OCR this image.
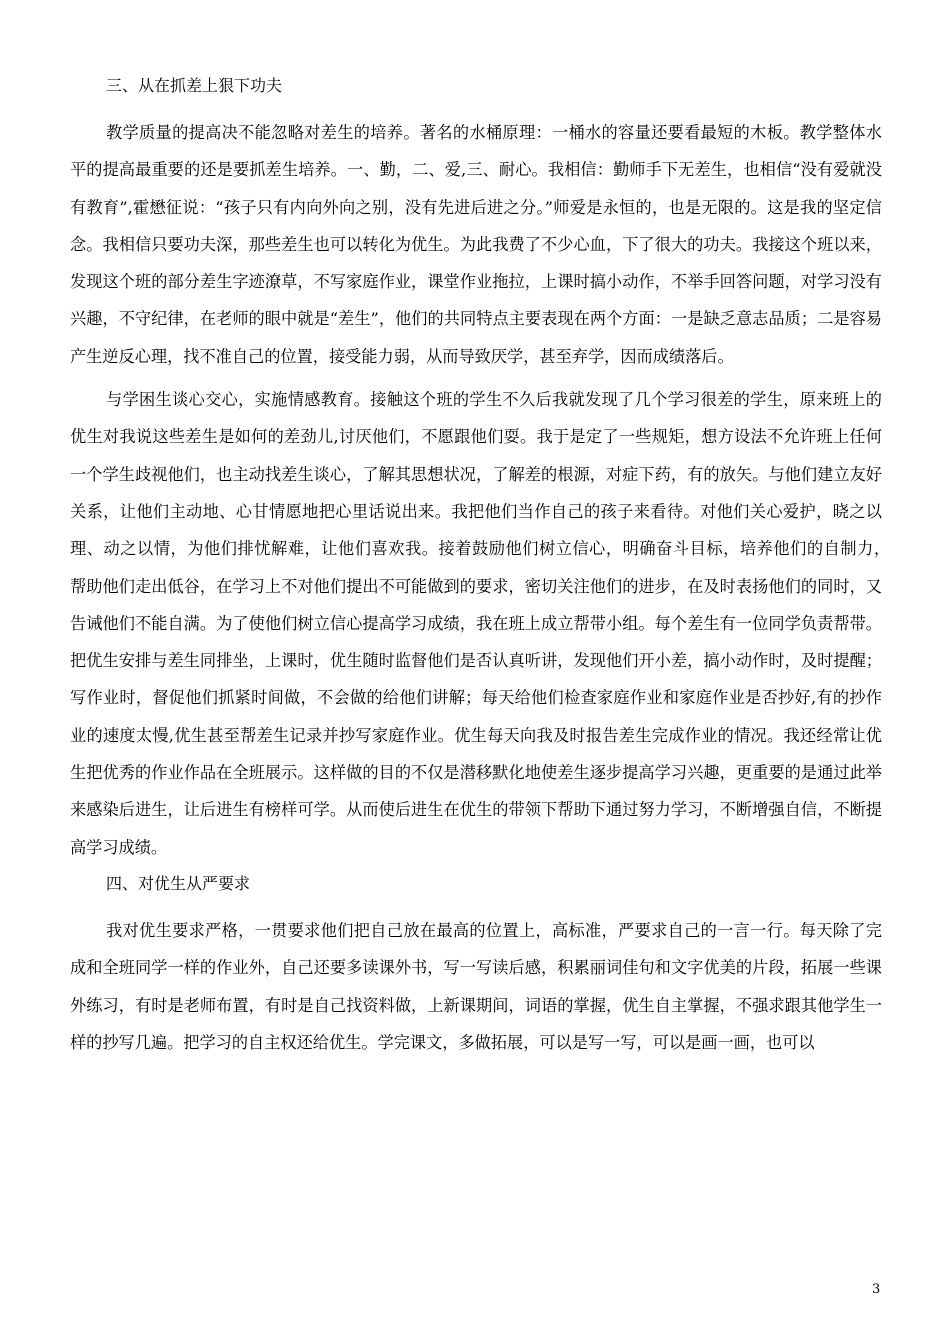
三、从在抓差上狠下功夫

教学质量的提高决不能忽略对差生的培养。著名的水桶原理：一桶水的容量还要看最短的木板。教学整体水平的提高最重要的还是要抓差生培养。一、勤，二、爱,三、耐心。我相信：勤师手下无差生，也相信“没有爱就没有教育”,霍懋征说：“孩子只有内向外向之别，没有先进后进之分。”师爱是永恒的，也是无限的。这是我的坚定信念。我相信只要功夫深，那些差生也可以转化为优生。为此我费了不少心血，下了很大的功夫。我接这个班以来，发现这个班的部分差生字迹潦草，不写家庭作业，课堂作业拖拉，上课时搞小动作，不举手回答问题，对学习没有兴趣，不守纪律，在老师的眼中就是“差生”，他们的共同特点主要表现在两个方面：一是缺乏意志品质；二是容易产生逆反心理，找不准自己的位置，接受能力弱，从而导致厌学，甚至弃学，因而成绩落后。

与学困生谈心交心，实施情感教育。接触这个班的学生不久后我就发现了几个学习很差的学生，原来班上的优生对我说这些差生是如何的差劲儿,讨厌他们，不愿跟他们耍。我于是定了一些规矩，想方设法不允许班上任何一个学生歧视他们，也主动找差生谈心，了解其思想状况，了解差的根源，对症下药，有的放矢。与他们建立友好关系，让他们主动地、心甘情愿地把心里话说出来。我把他们当作自己的孩子来看待。对他们关心爱护，晓之以理、动之以情，为他们排忧解难，让他们喜欢我。接着鼓励他们树立信心，明确奋斗目标，培养他们的自制力，　帮助他们走出低谷，在学习上不对他们提出不可能做到的要求，密切关注他们的进步，在及时表扬他们的同时，又告诫他们不能自满。为了使他们树立信心提高学习成绩，我在班上成立帮带小组。每个差生有一位同学负责帮带。把优生安排与差生同排坐，上课时，优生随时监督他们是否认真听讲，发现他们开小差，搞小动作时，及时提醒；写作业时，督促他们抓紧时间做，不会做的给他们讲解；每天给他们检查家庭作业和家庭作业是否抄好,有的抄作业的速度太慢,优生甚至帮差生记录并抄写家庭作业。优生每天向我及时报告差生完成作业的情况。我还经常让优生把优秀的作业作品在全班展示。这样做的目的不仅是潜移默化地使差生逐步提高学习兴趣，更重要的是通过此举来感染后进生，让后进生有榜样可学。从而使后进生在优生的带领下帮助下通过努力学习，不断增强自信，不断提高学习成绩。

四、对优生从严要求

我对优生要求严格，一贯要求他们把自己放在最高的位置上，高标准，严要求自己的一言一行。每天除了完成和全班同学一样的作业外，自己还要多读课外书，写一写读后感，积累丽词佳句和文字优美的片段，拓展一些课外练习，有时是老师布置，有时是自己找资料做，上新课期间，词语的掌握，优生自主掌握，不强求跟其他学生一样的抄写几遍。把学习的自主权还给优生。学完课文，多做拓展，可以是写一写，可以是画一画，也可以

3
